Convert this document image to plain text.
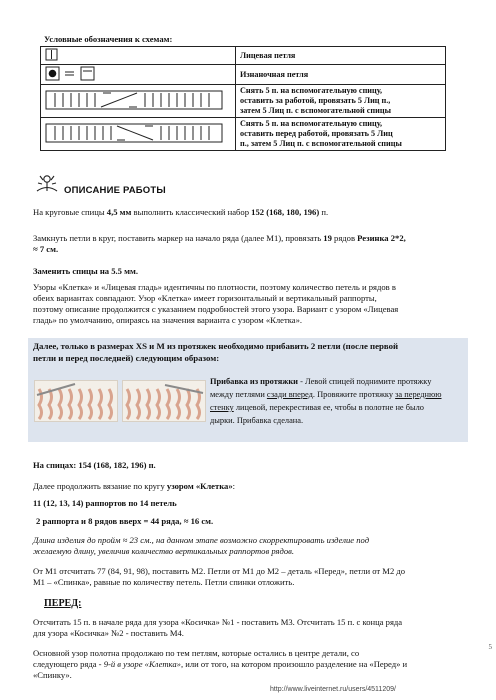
Условные обозначения к схемам:
	Лицевая петля
	Изнаночная петля

Снять 5 п. на вспомогательную спицу,
оставить за работой, провязать 5 Лиц п.,
затем 5 Лиц п. с вспомогательной спицы

Снять 5 п. на вспомогательную спицу,
оставить перед работой, провязать 5 Лиц
п., затем 5 Лиц п. с вспомогательной спицы
ОПИСАНИЕ РАБОТЫ
На круговые спицы 4,5 мм выполнить классический набор 152 (168, 180, 196) п.
Замкнуть петли в круг, поставить маркер на начало ряда (далее М1), провязать 19 рядов Резинка 2*2,
≈ 7 см.
Заменить спицы на 5.5 мм.
Узоры «Клетка» и «Лицевая гладь» идентичны по плотности, поэтому количество петель и рядов в
обеих вариантах совпадают. Узор «Клетка» имеет горизонтальный и вертикальный раппорты,
поэтому описание продолжится с указанием подробностей этого узора. Вариант с узором «Лицевая
гладь» по умолчанию, опираясь на значения варианта с узором «Клетка».
Далее, только в размерах XS и M из протяжек необходимо прибавить 2 петли (после первой
петли и перед последней) следующим образом:
Прибавка из протяжки - Левой спицей поднимите протяжку
между петлями сзади вперед. Провяжите протяжку за переднюю
стенку лицевой, перекрестивая ее, чтобы в полотне не было
дырки. Прибавка сделана.
На спицах: 154 (168, 182, 196) п.
Далее продолжить вязание по кругу узором «Клетка»:
11 (12, 13, 14) раппортов по 14 петель
2 раппорта и 8 рядов вверх = 44 ряда, ≈ 16 см.
Длина изделия до пройм ≈ 23 см., на данном этапе возможно скорректировать изделие под
желаемую длину, увеличив количество вертикальных раппортов рядов.
От М1 отсчитать 77 (84, 91, 98), поставить М2. Петли от М1 до М2 – деталь «Перед», петли от М2 до
М1 – «Спинка», равные по количеству петель. Петли спинки отложить.
ПЕРЕД:
Отсчитать 15 п. в начале ряда для узора «Косичка» №1 - поставить М3. Отсчитать 15 п. с конца ряда
для узора «Косичка» №2 - поставить М4.
Основной узор полотна продолжаю по тем петлям, которые остались в центре детали, со
следующего ряда - 9-й в узоре «Клетка», или от того, на котором произошло разделение на «Перед» и
«Спинку».
5
http://www.liveinternet.ru/users/4511209/
